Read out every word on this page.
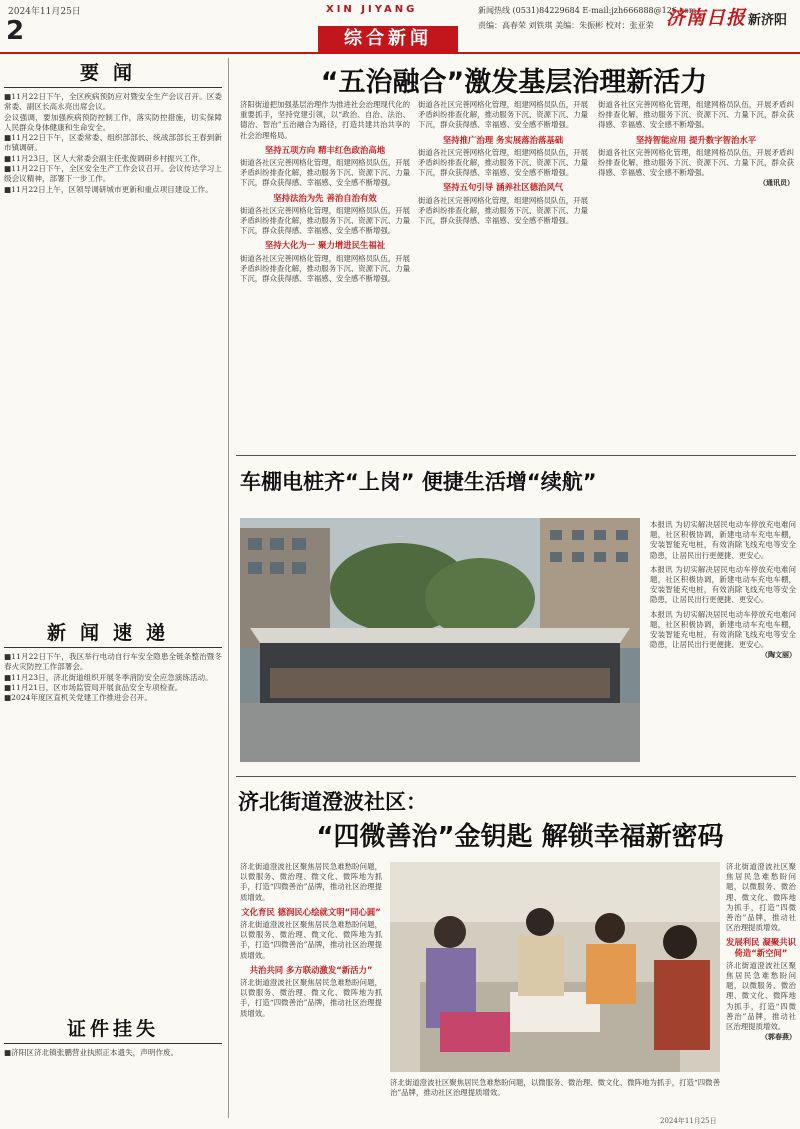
2024年11月25日
2
XIN JIYANG	新闻热线 (0531)84229684 E-mail:jzh666888@126.com
责编：高春荣 刘铁琪 美编：朱振彬 校对：张亚荣 济南日报 新济阳
综合新闻
要闻

■11月22日下午，全区疾病预防应对暨安全生产会议召开。区委常委、副区长高永亮出席会议。

会议强调，要加强疾病预防控制工作，落实防控措施，切实保障人民群众身体健康和生命安全。

■11月22日下午，区委常委、组织部部长、统战部部长王春到新市镇调研。

■11月23日，区人大常委会副主任张俊调研乡村振兴工作。

■11月22日下午，全区安全生产工作会议召开。会议传达学习上级会议精神，部署下一步工作。

■11月22日上午，区领导调研城市更新和重点项目建设工作。

新闻速递

■11月22日下午，我区举行电动自行车安全隐患全链条整治暨冬春火灾防控工作部署会。

■11月23日，济北街道组织开展冬季消防安全应急演练活动。

■11月21日，区市场监管局开展食品安全专项检查。

■2024年度区直机关党建工作推进会召开。

证件挂失
■济阳区济北镇张鹏营业执照正本遗失，声明作废。
“五治融合”激发基层治理新活力

济阳街道把加强基层治理作为推进社会治理现代化的重要抓手，坚持党建引领，以“政治、自治、法治、德治、智治”五治融合为路径，打造共建共治共享的社会治理格局。

坚持五项方向 精丰红色政治高地

街道各社区完善网格化管理，组建网格员队伍，开展矛盾纠纷排查化解，推动服务下沉、资源下沉、力量下沉，群众获得感、幸福感、安全感不断增强。

坚持法治为先 善治自治有效

街道各社区完善网格化管理，组建网格员队伍，开展矛盾纠纷排查化解，推动服务下沉、资源下沉、力量下沉，群众获得感、幸福感、安全感不断增强。

坚持大化为一 聚力增进民生福祉

街道各社区完善网格化管理，组建网格员队伍，开展矛盾纠纷排查化解，推动服务下沉、资源下沉、力量下沉，群众获得感、幸福感、安全感不断增强。

街道各社区完善网格化管理，组建网格员队伍，开展矛盾纠纷排查化解，推动服务下沉、资源下沉、力量下沉，群众获得感、幸福感、安全感不断增强。

坚持推广治理 务实展落治落基础

街道各社区完善网格化管理，组建网格员队伍，开展矛盾纠纷排查化解，推动服务下沉、资源下沉、力量下沉，群众获得感、幸福感、安全感不断增强。

坚持五句引导 涵养社区德治风气

街道各社区完善网格化管理，组建网格员队伍，开展矛盾纠纷排查化解，推动服务下沉、资源下沉、力量下沉，群众获得感、幸福感、安全感不断增强。

街道各社区完善网格化管理，组建网格员队伍，开展矛盾纠纷排查化解，推动服务下沉、资源下沉、力量下沉，群众获得感、幸福感、安全感不断增强。

坚持智能应用 提升数字智治水平

街道各社区完善网格化管理，组建网格员队伍，开展矛盾纠纷排查化解，推动服务下沉、资源下沉、力量下沉，群众获得感、幸福感、安全感不断增强。

（通讯员）
车棚电桩齐“上岗” 便捷生活增“续航”

本报讯 为切实解决居民电动车停放充电难问题，社区积极协调，新建电动车充电车棚，安装智能充电桩，有效消除飞线充电等安全隐患，让居民出行更便捷、更安心。

本报讯 为切实解决居民电动车停放充电难问题，社区积极协调，新建电动车充电车棚，安装智能充电桩，有效消除飞线充电等安全隐患，让居民出行更便捷、更安心。

本报讯 为切实解决居民电动车停放充电难问题，社区积极协调，新建电动车充电车棚，安装智能充电桩，有效消除飞线充电等安全隐患，让居民出行更便捷、更安心。

（陶文丽）
济北街道澄波社区：
“四微善治”金钥匙 解锁幸福新密码

济北街道澄波社区聚焦居民急难愁盼问题，以微服务、微治理、微文化、微阵地为抓手，打造“四微善治”品牌，推动社区治理提质增效。

文化育民 德润民心绘就文明“同心圆”

济北街道澄波社区聚焦居民急难愁盼问题，以微服务、微治理、微文化、微阵地为抓手，打造“四微善治”品牌，推动社区治理提质增效。

共治共同 多方联动激发“新活力”

济北街道澄波社区聚焦居民急难愁盼问题，以微服务、微治理、微文化、微阵地为抓手，打造“四微善治”品牌，推动社区治理提质增效。

济北街道澄波社区聚焦居民急难愁盼问题，以微服务、微治理、微文化、微阵地为抓手，打造“四微善治”品牌，推动社区治理提质增效。

发展利民 凝聚共识倚造“新空间”

济北街道澄波社区聚焦居民急难愁盼问题，以微服务、微治理、微文化、微阵地为抓手，打造“四微善治”品牌，推动社区治理提质增效。

（郭春燕）

济北街道澄波社区聚焦居民急难愁盼问题，以微服务、微治理、微文化、微阵地为抓手，打造“四微善治”品牌，推动社区治理提质增效。

2024年11月25日
